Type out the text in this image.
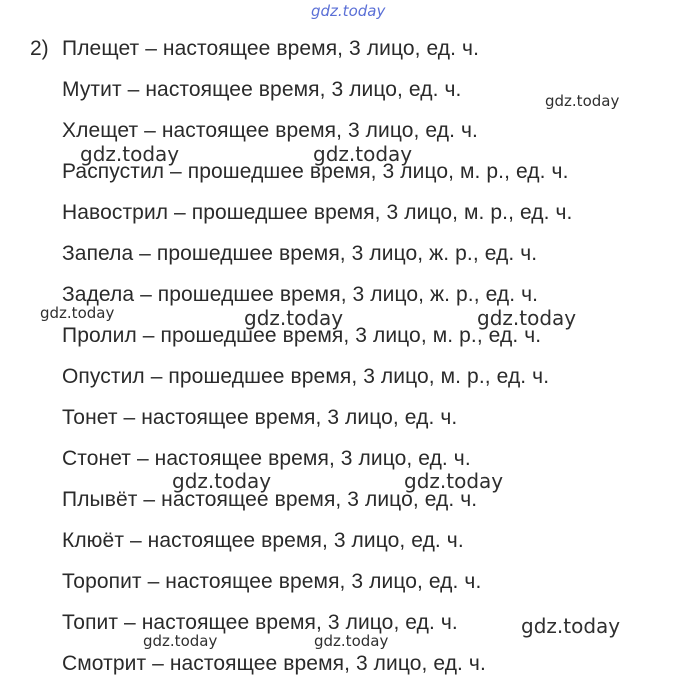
gdz.today
2) Плещет – настоящее время, 3 лицо, ед. ч.
Мутит – настоящее время, 3 лицо, ед. ч.
Хлещет – настоящее время, 3 лицо, ед. ч.
Распустил – прошедшее время, 3 лицо, м. р., ед. ч.
Навострил – прошедшее время, 3 лицо, м. р., ед. ч.
Запела – прошедшее время, 3 лицо, ж. р., ед. ч.
Задела – прошедшее время, 3 лицо, ж. р., ед. ч.
Пролил – прошедшее время, 3 лицо, м. р., ед. ч.
Опустил – прошедшее время, 3 лицо, м. р., ед. ч.
Тонет – настоящее время, 3 лицо, ед. ч.
Стонет – настоящее время, 3 лицо, ед. ч.
Плывёт – настоящее время, 3 лицо, ед. ч.
Клюёт – настоящее время, 3 лицо, ед. ч.
Торопит – настоящее время, 3 лицо, ед. ч.
Топит – настоящее время, 3 лицо, ед. ч.
Смотрит – настоящее время, 3 лицо, ед. ч.
gdz.today
gdz.today	gdz.today
gdz.today	gdz.today	gdz.today
gdz.today	gdz.today
gdz.today
gdz.today	gdz.today
